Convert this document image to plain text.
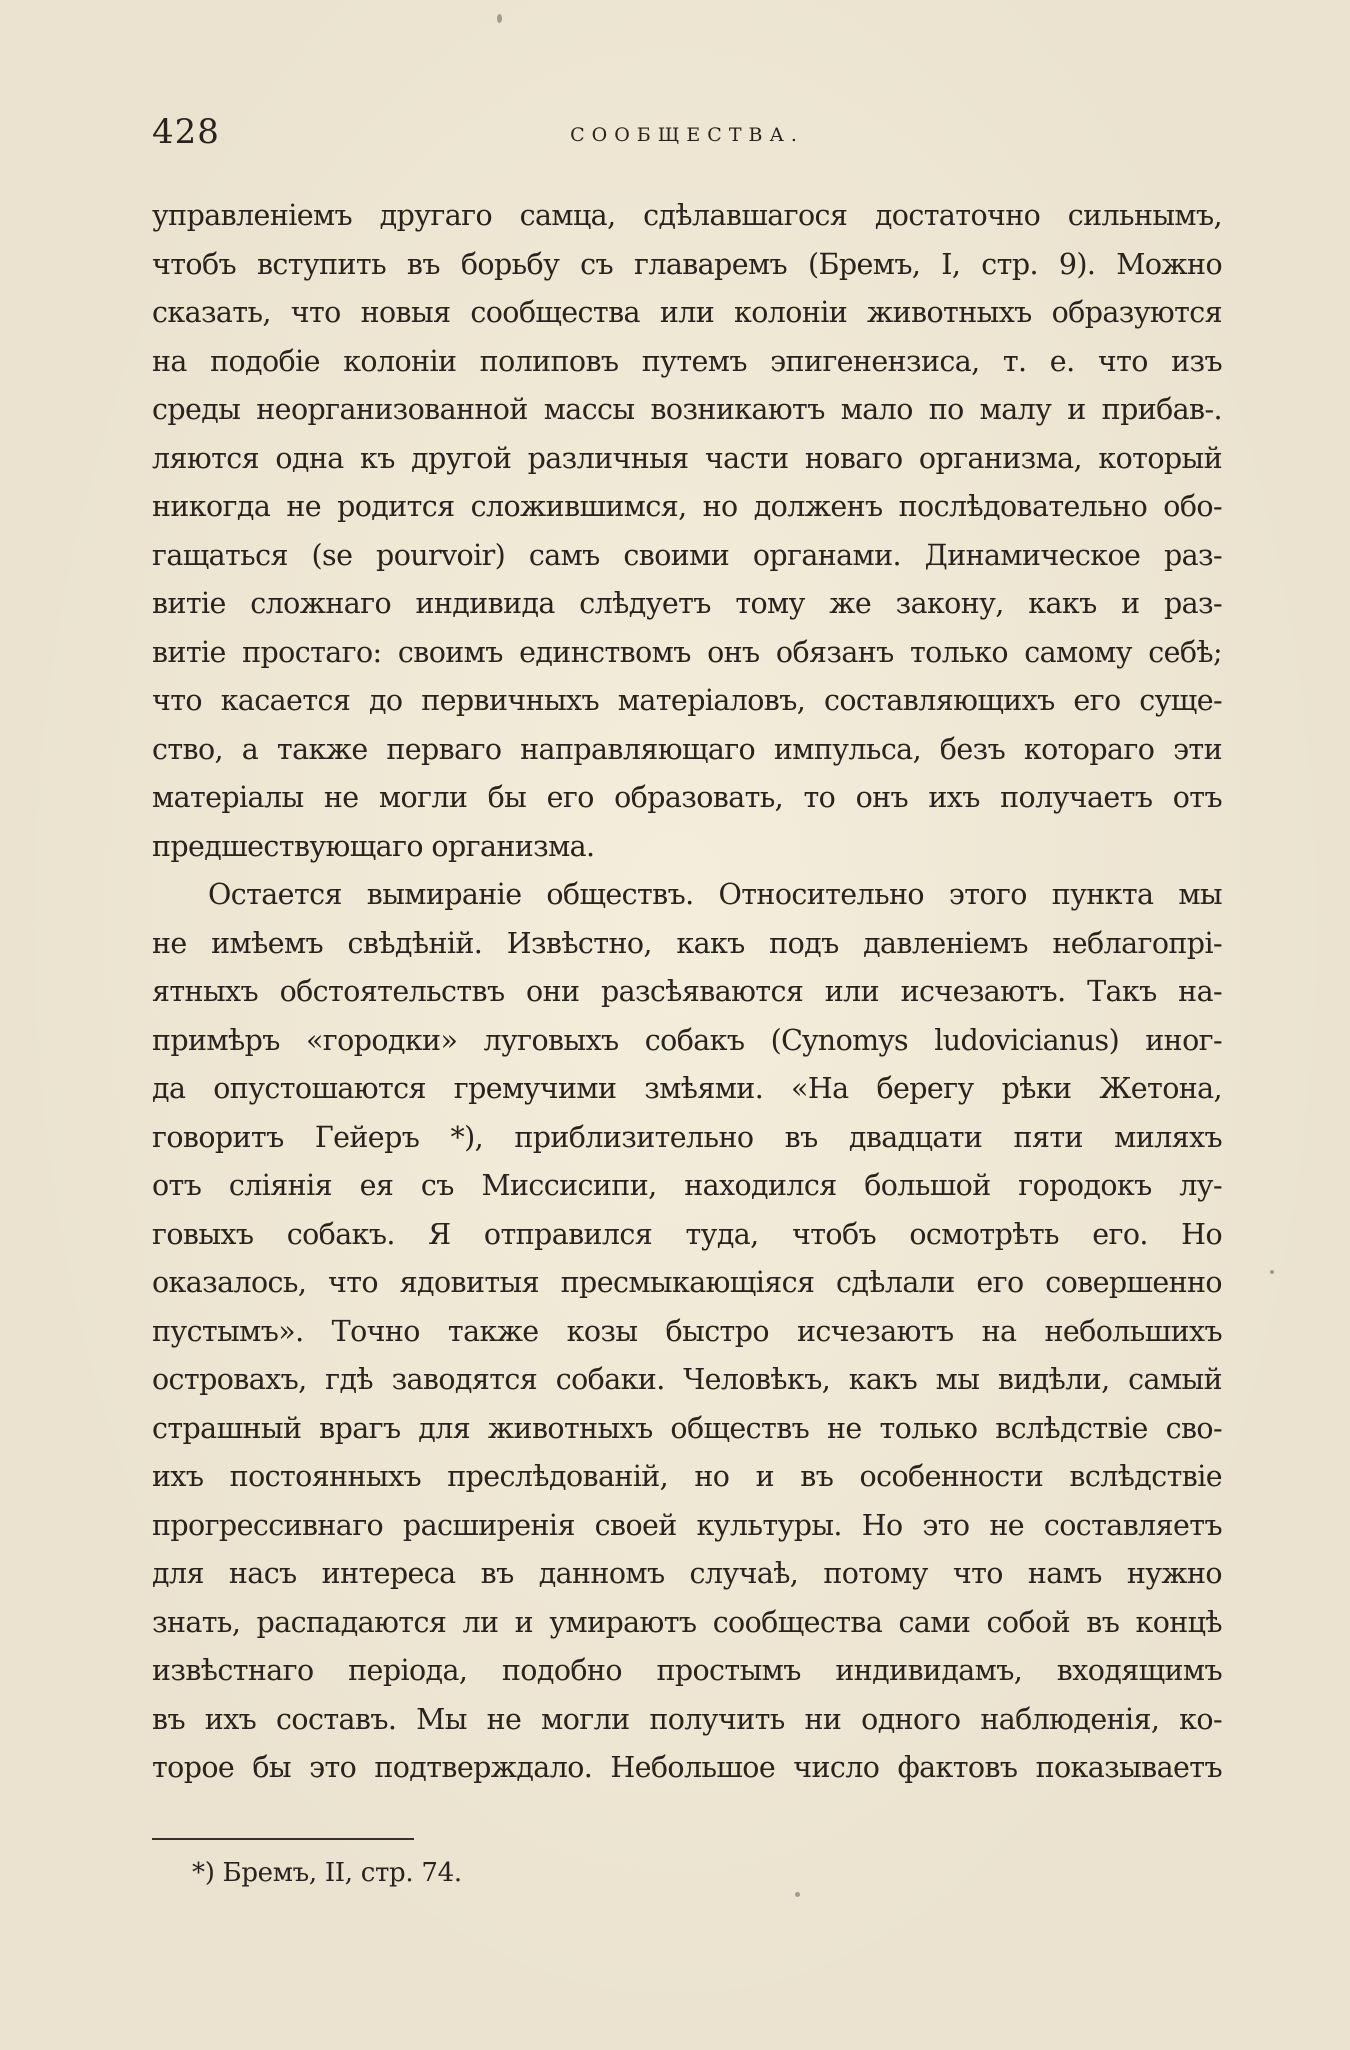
428	СООБЩЕСТВА.
управленіемъ другаго самца, сдѣлавшагося достаточно сильнымъ,
чтобъ вступить въ борьбу съ главаремъ (Бремъ, І, стр. 9). Можно
сказать, что новыя сообщества или колоніи животныхъ образуются
на подобіе колоніи полиповъ путемъ эпигенензиса, т. е. что изъ
среды неорганизованной массы возникаютъ мало по малу и прибав-.
ляются одна къ другой различныя части новаго организма, который
никогда не родится сложившимся, но долженъ послѣдовательно обо-
гащаться (se pourvoir) самъ своими органами. Динамическое раз-
витіе сложнаго индивида слѣдуетъ тому же закону, какъ и раз-
витіе простаго: своимъ единствомъ онъ обязанъ только самому себѣ;
что касается до первичныхъ матеріаловъ, составляющихъ его суще-
ство, а также перваго направляющаго импульса, безъ котораго эти
матеріалы не могли бы его образовать, то онъ ихъ получаетъ отъ
предшествующаго организма.
Остается вымираніе обществъ. Относительно этого пункта мы
не имѣемъ свѣдѣній. Извѣстно, какъ подъ давленіемъ неблагопрі-
ятныхъ обстоятельствъ они разсѣяваются или исчезаютъ. Такъ на-
примѣръ «городки» луговыхъ собакъ (Cynomys ludovicianus) иног-
да опустошаются гремучими змѣями. «На берегу рѣки Жетона,
говоритъ Гейеръ *), приблизительно въ двадцати пяти миляхъ
отъ сліянія ея съ Миссисипи, находился большой городокъ лу-
говыхъ собакъ. Я отправился туда, чтобъ осмотрѣть его. Но
оказалось, что ядовитыя пресмыкающіяся сдѣлали его совершенно
пустымъ». Точно также козы быстро исчезаютъ на небольшихъ
островахъ, гдѣ заводятся собаки. Человѣкъ, какъ мы видѣли, самый
страшный врагъ для животныхъ обществъ не только вслѣдствіе сво-
ихъ постоянныхъ преслѣдованій, но и въ особенности вслѣдствіе
прогрессивнаго расширенія своей культуры. Но это не составляетъ
для насъ интереса въ данномъ случаѣ, потому что намъ нужно
знать, распадаются ли и умираютъ сообщества сами собой въ концѣ
извѣстнаго періода, подобно простымъ индивидамъ, входящимъ
въ ихъ составъ. Мы не могли получить ни одного наблюденія, ко-
торое бы это подтверждало. Небольшое число фактовъ показываетъ
*) Бремъ, II, стр. 74.
